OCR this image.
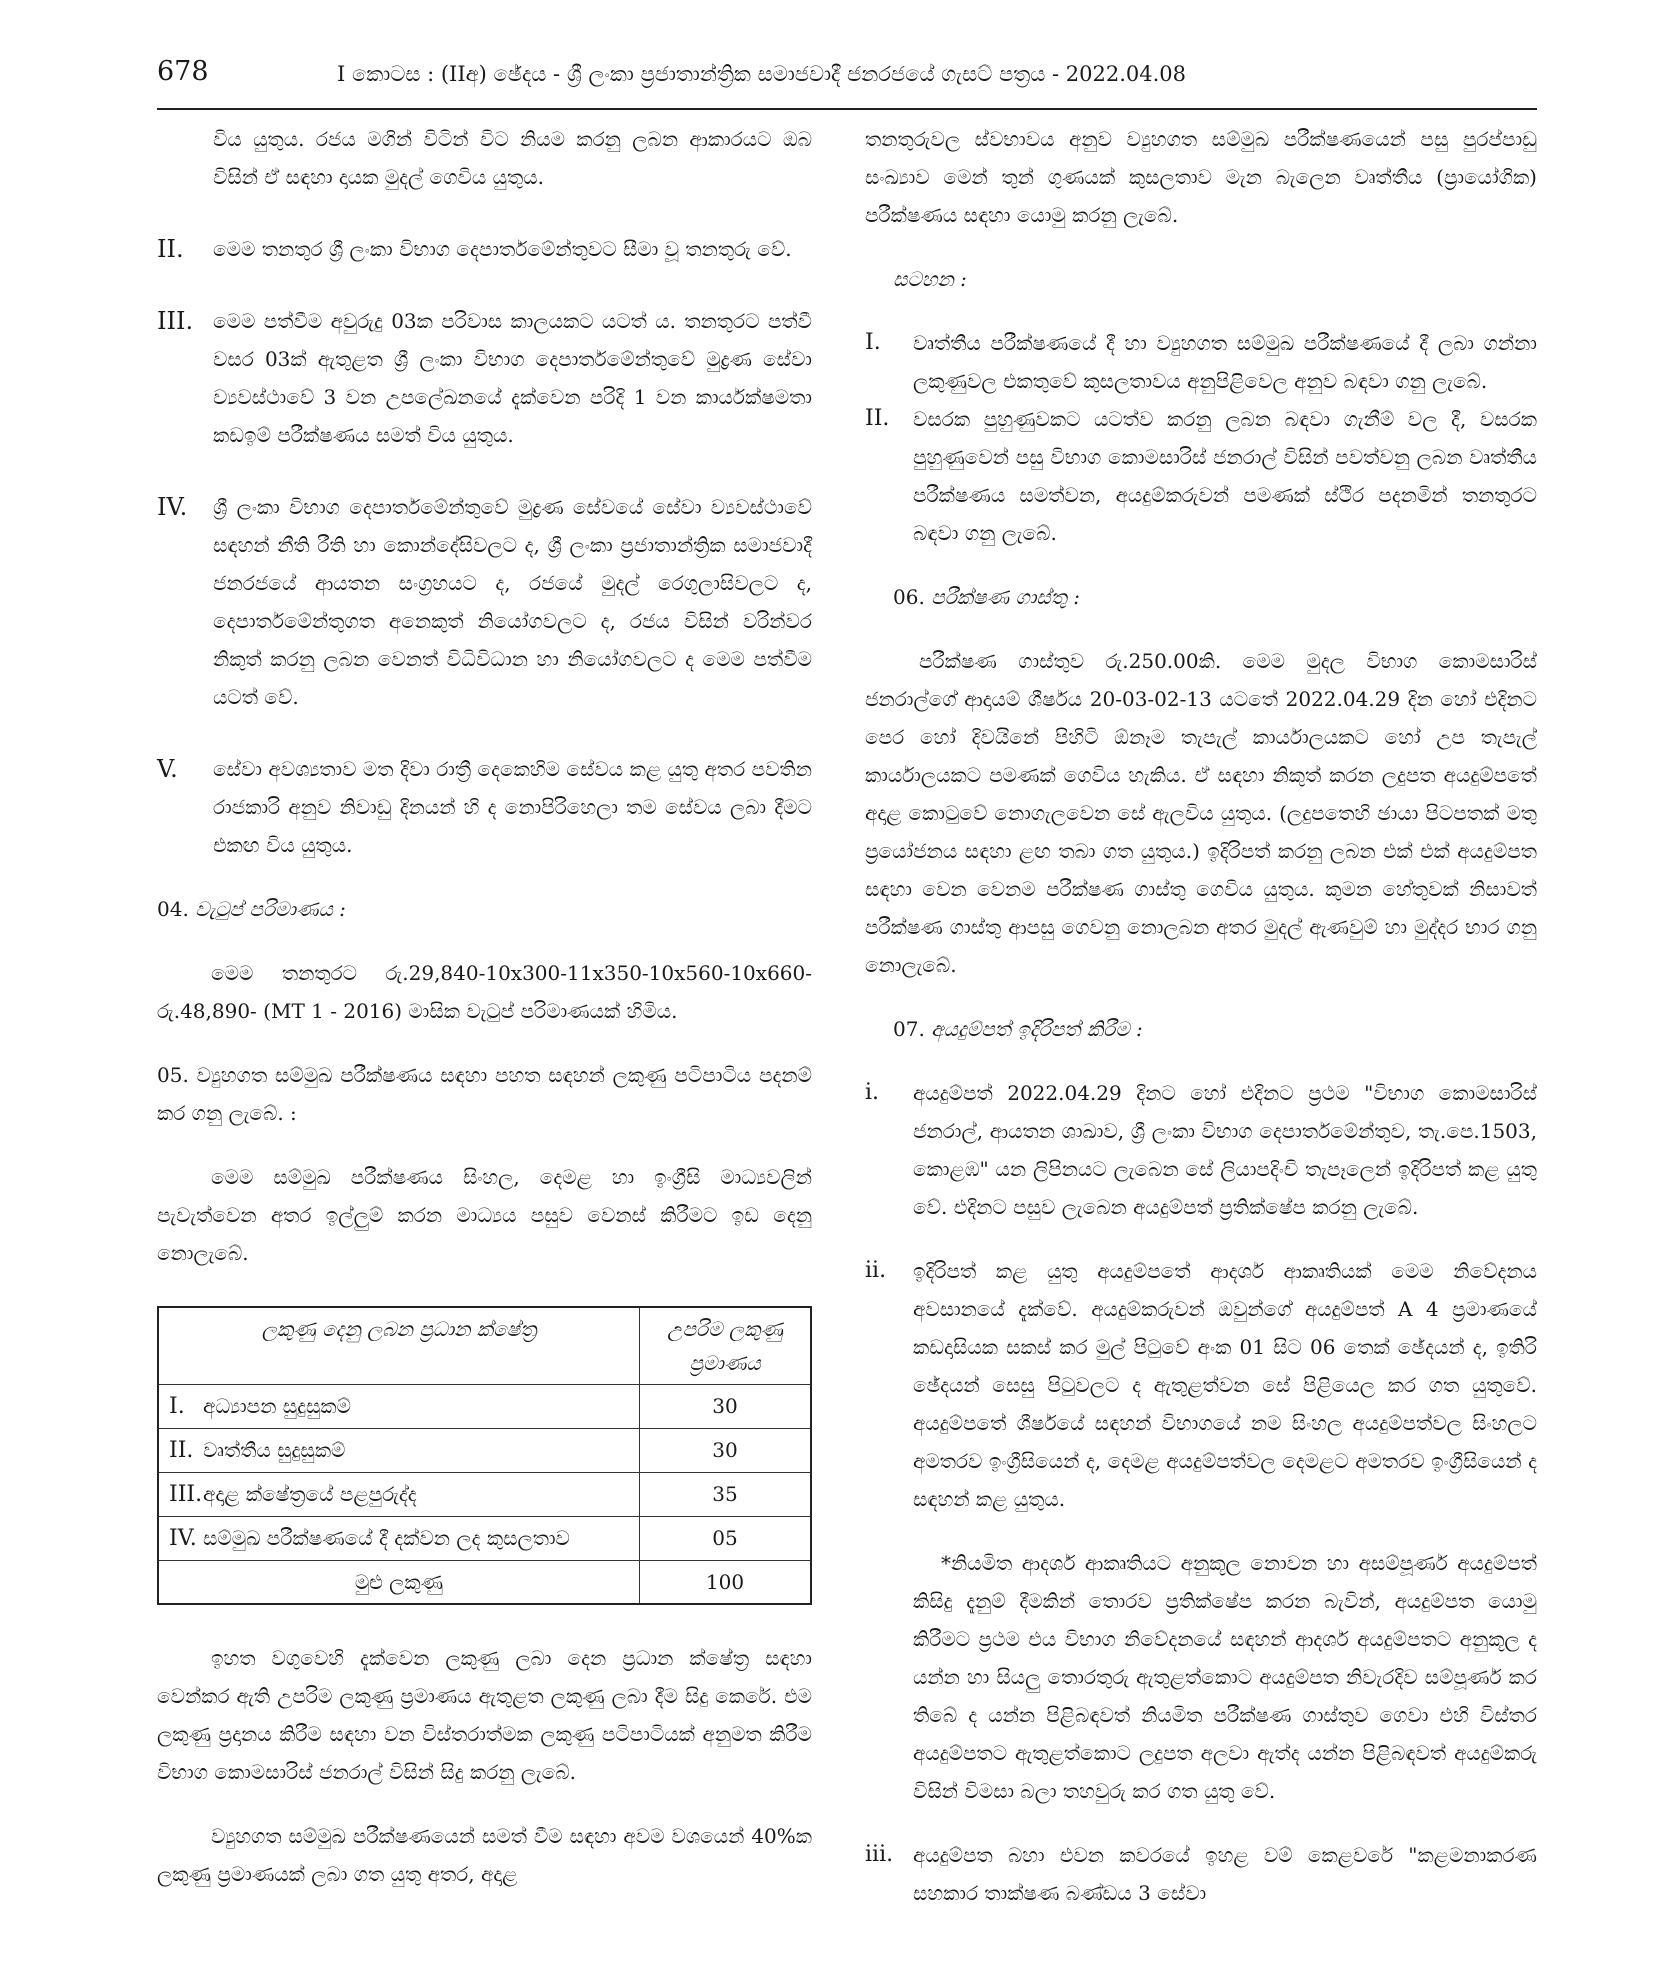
678	I කොටස : (IIඅ) ඡේදය - ශ්‍රී ලංකා ප්‍රජාතාන්ත්‍රික සමාජවාදී ජනරජයේ ගැසට් පත්‍රය - 2022.04.08

විය යුතුය. රජය මගින් විටින් විට නියම කරනු ලබන ආකාරයට ඔබ විසින් ඒ සඳහා දායක මුදල් ගෙවිය යුතුය.

II.	මෙම තනතුර ශ්‍රී ලංකා විභාග දෙපාර්තමේන්තුවට සීමා වූ තනතුරු වේ.
III. මෙම පත්වීම අවුරුදු 03ක පරිවාස කාලයකට යටත් ය. තනතුරට පත්වී වසර 03ක් ඇතුළත ශ්‍රී ලංකා විභාග දෙපාර්තමේන්තුවේ මුද්‍රණ සේවා ව්‍යවස්ථාවේ 3 වන උපලේඛනයේ දැක්වෙන පරිදි 1 වන කාර්යක්ෂමතා කඩඉම් පරීක්ෂණය සමත් විය යුතුය.
IV.	ශ්‍රී ලංකා විභාග දෙපාර්තමේන්තුවේ මුද්‍රණ සේවයේ සේවා ව්‍යවස්ථාවේ සඳහන් නීති රීති හා කොන්දේසිවලට ද, ශ්‍රී ලංකා ප්‍රජාතාන්ත්‍රික සමාජවාදී ජනරජයේ ආයතන සංග්‍රහයට ද, රජයේ මුදල් රෙගුලාසිවලට ද, දෙපාර්තමේන්තුගත අනෙකුත් නියෝගවලට ද, රජය විසින් වරින්වර නිකුත් කරනු ලබන වෙනත් විධිවිධාන හා නියෝගවලට ද මෙම පත්වීම යටත් වේ.
V.	සේවා අවශ්‍යතාව මත දිවා රාත්‍රී දෙකෙහිම සේවය කළ යුතු අතර පවතින රාජකාරි අනුව නිවාඩු දිනයන් හි ද නොපිරිහෙලා තම සේවය ලබා දීමට එකඟ විය යුතුය.

04. වැටුප් පරිමාණය :

මෙම තනතුරට රු.29,840-10x300-11x350-10x560-10x660-රු.48,890- (MT 1 - 2016) මාසික වැටුප් පරිමාණයක් හිමිය.

05. ව්‍යුහගත සම්මුඛ පරීක්ෂණය සඳහා පහත සඳහන් ලකුණු පටිපාටිය පදනම් කර ගනු ලැබේ. :

මෙම සම්මුඛ පරීක්ෂණය සිංහල, දෙමළ හා ඉංග්‍රීසි මාධ්‍යවලින් පැවැත්වෙන අතර ඉල්ලුම් කරන මාධ්‍යය පසුව වෙනස් කිරීමට ඉඩ දෙනු නොලැබේ.

ලකුණු දෙනු ලබන ප්‍රධාන ක්ෂේත්‍ර	උපරිම ලකුණු ප්‍රමාණය
I. අධ්‍යාපන සුදුසුකම්	30
II. වෘත්තීය සුදුසුකම්	30
III.අදාළ ක්ෂේත්‍රයේ පළපුරුද්ද	35
IV. සම්මුඛ පරීක්ෂණයේ දී දක්වන ලද කුසලතාව	05
මුළු ලකුණු	100

ඉහත වගුවෙහි දැක්වෙන ලකුණු ලබා දෙන ප්‍රධාන ක්ෂේත්‍ර සඳහා වෙන්කර ඇති උපරිම ලකුණු ප්‍රමාණය ඇතුළත ලකුණු ලබා දීම සිදු කෙරේ. එම ලකුණු ප්‍රදානය කිරීම සඳහා වන විස්තරාත්මක ලකුණු පටිපාටියක් අනුමත කිරීම විභාග කොමසාරිස් ජනරාල් විසින් සිදු කරනු ලැබේ.

ව්‍යුහගත සම්මුඛ පරීක්ෂණයෙන් සමත් වීම සඳහා අවම වශයෙන් 40%ක ලකුණු ප්‍රමාණයක් ලබා ගත යුතු අතර, අදාළ

තනතුරුවල ස්වභාවය අනුව ව්‍යුහගත සම්මුඛ පරීක්ෂණයෙන් පසු පුරප්පාඩු සංඛ්‍යාව මෙන් තුන් ගුණයක් කුසලතාව මැන බැලෙන වෘත්තීය (ප්‍රායෝගික) පරීක්ෂණය සඳහා යොමු කරනු ලැබේ.

සටහන :

I.	වෘත්තීය පරීක්ෂණයේ දී හා ව්‍යුහගත සම්මුඛ පරීක්ෂණයේ දී ලබා ගන්නා ලකුණුවල එකතුවේ කුසලතාවය අනුපිළිවෙල අනුව බඳවා ගනු ලැබේ.
II.	වසරක පුහුණුවකට යටත්ව කරනු ලබන බඳවා ගැනීම් වල දී, වසරක පුහුණුවෙන් පසු විභාග කොමසාරිස් ජනරාල් විසින් පවත්වනු ලබන වෘත්තීය පරීක්ෂණය සමත්වන, අයදුම්කරුවන් පමණක් ස්ථිර පදනමින් තනතුරට බඳවා ගනු ලැබේ.

06. පරීක්ෂණ ගාස්තු :

පරීක්ෂණ ගාස්තුව රු.250.00කි. මෙම මුදල විභාග කොමසාරිස් ජනරාල්ගේ ආදායම් ශීර්ෂය 20-03-02-13 යටතේ 2022.04.29 දින හෝ එදිනට පෙර හෝ දිවයිනේ පිහිටි ඕනෑම තැපැල් කාර්යාලයකට හෝ උප තැපැල් කාර්යාලයකට පමණක් ගෙවිය හැකිය. ඒ සඳහා නිකුත් කරන ලදුපත අයදුම්පතේ අදාළ කොටුවේ නොගැලවෙන සේ ඇලවිය යුතුය. (ලදුපතෙහි ඡායා පිටපතක් මතු ප්‍රයෝජනය සඳහා ළඟ තබා ගත යුතුය.) ඉදිරිපත් කරනු ලබන එක් එක් අයදුම්පත සඳහා වෙන වෙනම පරීක්ෂණ ගාස්තු ගෙවිය යුතුය. කුමන හේතුවක් නිසාවත් පරීක්ෂණ ගාස්තු ආපසු ගෙවනු නොලබන අතර මුදල් ඇණවුම් හා මුද්දර භාර ගනු නොලැබේ.

07. අයදුම්පත් ඉදිරිපත් කිරීම :

i.	අයදුම්පත් 2022.04.29 දිනට හෝ එදිනට ප්‍රථම "විභාග කොමසාරිස් ජනරාල්, ආයතන ශාඛාව, ශ්‍රී ලංකා විභාග දෙපාර්තමේන්තුව, තැ.පෙ.1503, කොළඹ" යන ලිපිනයට ලැබෙන සේ ලියාපදිංචි තැපෑලෙන් ඉදිරිපත් කළ යුතු වේ. එදිනට පසුව ලැබෙන අයදුම්පත් ප්‍රතික්ෂේප කරනු ලැබේ.
ii.	ඉදිරිපත් කළ යුතු අයදුම්පතේ ආදර්ශ ආකෘතියක් මෙම නිවේදනය අවසානයේ දැක්වේ. අයදුම්කරුවන් ඔවුන්ගේ අයදුම්පත් A 4 ප්‍රමාණයේ කඩදාසියක සකස් කර මුල් පිටුවේ අංක 01 සිට 06 තෙක් ඡේදයන් ද, ඉතිරි ඡේදයන් සෙසු පිටුවලට ද ඇතුළත්වන සේ පිළියෙල කර ගත යුතුවේ. අයදුම්පතේ ශීර්ෂයේ සඳහන් විභාගයේ නම සිංහල අයදුම්පත්වල සිංහලට අමතරව ඉංග්‍රීසියෙන් ද, දෙමළ අයදුම්පත්වල දෙමළට අමතරව ඉංග්‍රීසියෙන් ද සඳහන් කළ යුතුය.

*නියමිත ආදර්ශ ආකෘතියට අනුකූල නොවන හා අසම්පූර්ණ අයදුම්පත් කිසිදු දැනුම් දීමකින් තොරව ප්‍රතික්ෂේප කරන බැවින්, අයදුම්පත යොමු කිරීමට ප්‍රථම එය විභාග නිවේදනයේ සඳහන් ආදර්ශ අයදුම්පතට අනුකූල ද යන්න හා සියලු තොරතුරු ඇතුළත්කොට අයදුම්පත නිවැරදිව සම්පූර්ණ කර තිබේ ද යන්න පිළිබඳවත් නියමිත පරීක්ෂණ ගාස්තුව ගෙවා එහි විස්තර අයදුම්පතට ඇතුළත්කොට ලදුපත අලවා ඇත්ද යන්න පිළිබඳවත් අයදුම්කරු විසින් විමසා බලා තහවුරු කර ගත යුතු වේ.

iii. අයදුම්පත බහා එවන කවරයේ ඉහළ වම් කෙළවරේ "කළමනාකරණ සහකාර තාක්ෂණ බණ්ඩය 3 සේවා
